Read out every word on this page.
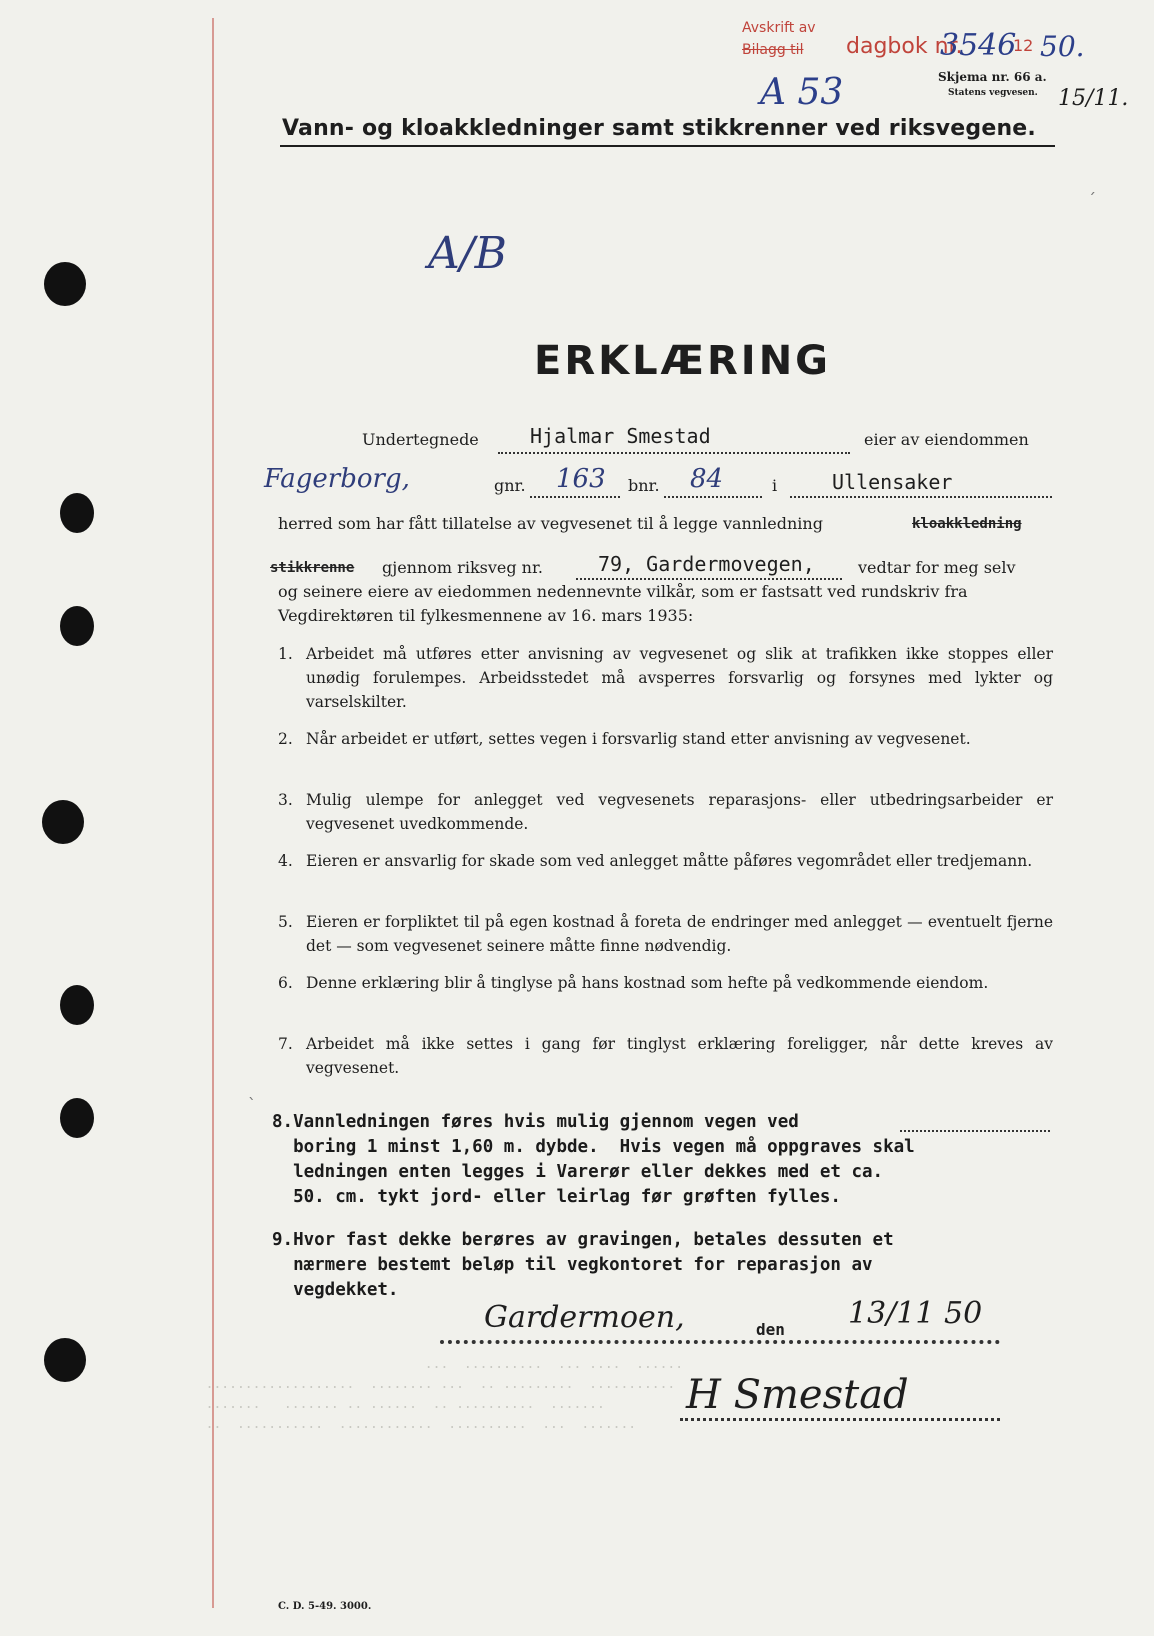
Avskrift av
Bilagg til dagbok nr.
3546
12 50.
A 53	Skjema nr. 66 a.
Statens vegvesen. 15/11.
Vann- og kloakkledninger samt stikkrenner ved riksvegene.
A/B
ERKLÆRING
Undertegnede	Hjalmar Smestad	eier av eiendommen
Fagerborg,	gnr. 163 bnr. 84	i	Ullensaker
herred som har fått tillatelse av vegvesenet til å legge vannledning	kloakkledning
stikkrenne gjennom riksveg nr.	79, Gardermovegen,	vedtar for meg selv
og seinere eiere av eiedommen nedennevnte vilkår, som er fastsatt ved rundskriv fra
Vegdirektøren til fylkesmennene av 16. mars 1935:
1. Arbeidet må utføres etter anvisning av vegvesenet og slik at trafikken ikke stoppes eller unødig forulempes. Arbeidsstedet må avsperres forsvarlig og forsynes med lykter og varselskilter.
2. Når arbeidet er utført, settes vegen i forsvarlig stand etter anvisning av vegvesenet.
3. Mulig ulempe for anlegget ved vegvesenets reparasjons- eller utbedringsarbeider er vegvesenet uvedkommende.
4. Eieren er ansvarlig for skade som ved anlegget måtte påføres vegområdet eller tredjemann.
5. Eieren er forpliktet til på egen kostnad å foreta de endringer med anlegget — eventuelt fjerne det — som vegvesenet seinere måtte finne nødvendig.
6. Denne erklæring blir å tinglyse på hans kostnad som hefte på vedkommende eiendom.
7. Arbeidet må ikke settes i gang før tinglyst erklæring foreligger, når dette kreves av vegvesenet.
8.Vannledningen føres hvis mulig gjennom vegen ved
boring 1 minst 1,60 m. dybde.  Hvis vegen må oppgraves skal
ledningen enten legges i Varerør eller dekkes med et ca.
50. cm. tykt jord- eller leirlag før grøften fylles.
9.Hvor fast dekke berøres av gravingen, betales dessuten et
nærmere bestemt beløp til vegkontoret for reparasjon av
vegdekket.
Gardermoen,	den 13/11 50
...  ..........  ... ....  ......
...................  ........ ...  .. .........  ...........
.......   ....... .. ......  .. ..........  .......
..  ...........  ............  ..........  ...  .......
H Smestad
C. D. 5-49. 3000.
ˊ
ˋ
